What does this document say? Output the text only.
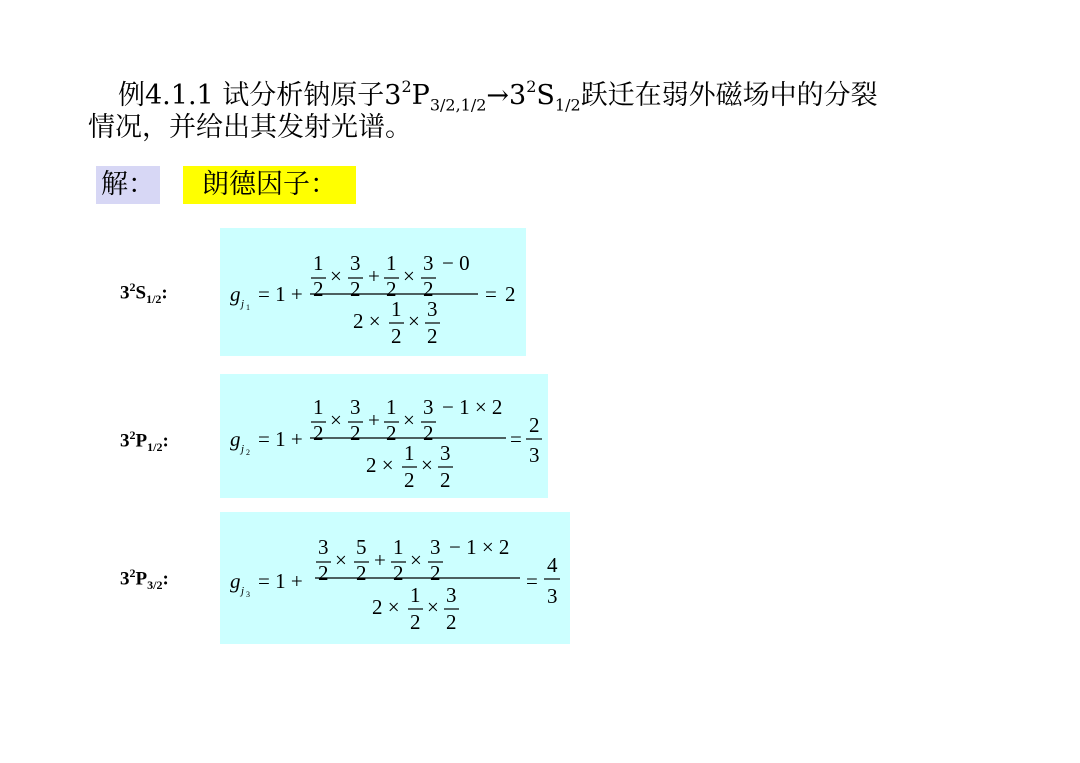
例4.1.1 试分析钠原子$3^2P_{3/2,1/2}\to 3^2S_{1/2}$跃迁在弱外磁场中的分裂
情况，并给出其发射光谱。
解：	朗德因子：
$3^2S_{1/2}$:	g j 1
= 1 +
1
2
×
3
2
+
1
2
×
3
2
− 0
2 × 1
2
× 3
2
= 2
$3^2P_{1/2}$:	g j 2
= 1 +
1
2
×
3
2
+
1
2
×
3
2
− 1 × 2
2 × 1
2
× 3
2
=
2
3
$3^2P_{3/2}$:	g j 3
= 1 +
3
2
×
5
2
+
1
2
×
3
2
− 1 × 2
2 × 1
2
× 3
2
=
4
3
